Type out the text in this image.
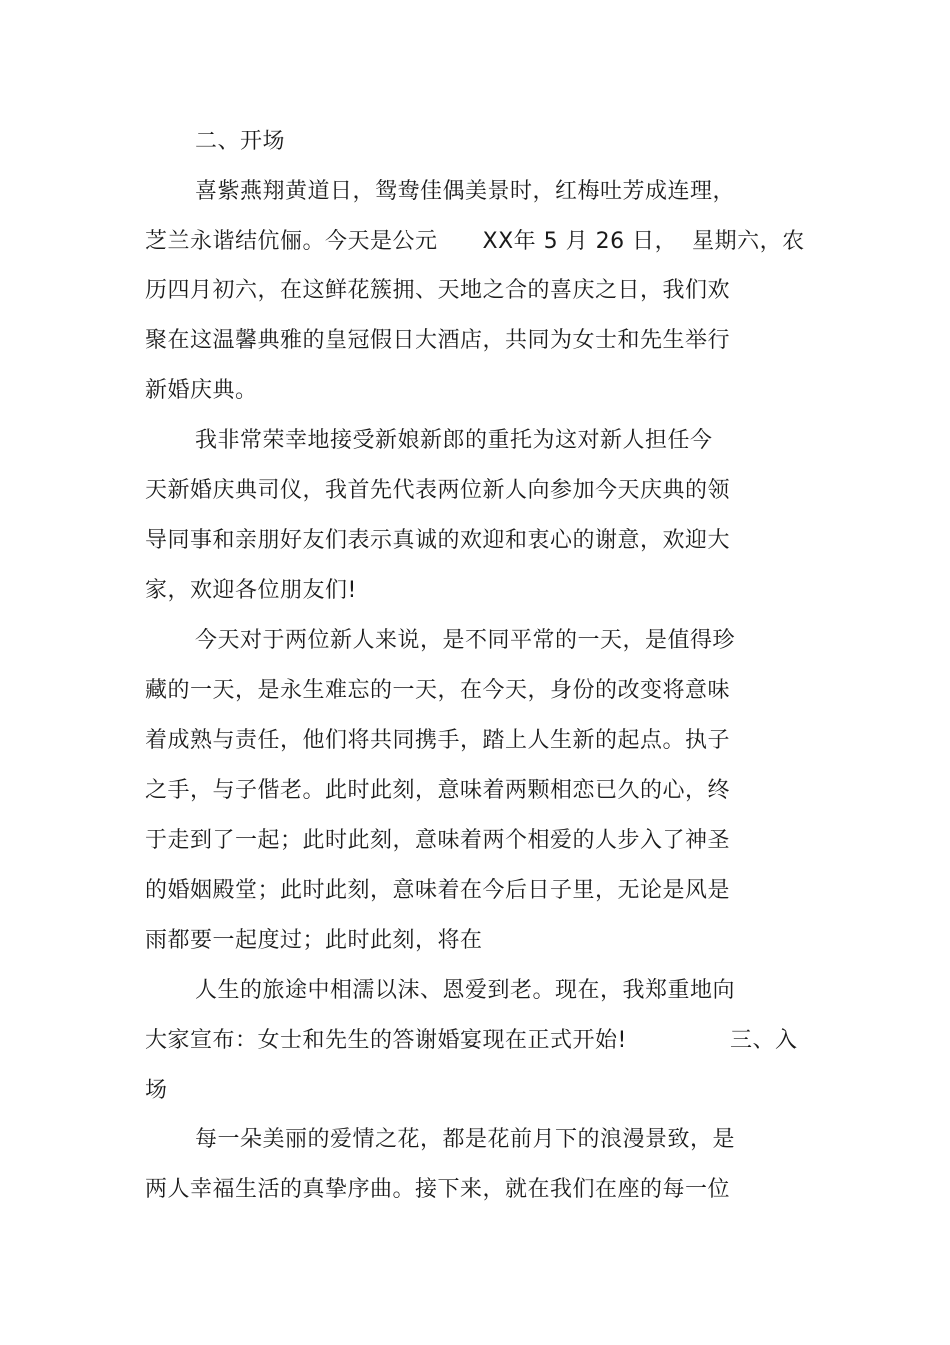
二、开场

喜紫燕翔黄道日，鸳鸯佳偶美景时，红梅吐芳成连理，

芝兰永谐结伉俪。今天是公元　　XX年 5 月 26 日，  星期六，农

历四月初六，在这鲜花簇拥、天地之合的喜庆之日，我们欢

聚在这温馨典雅的皇冠假日大酒店，共同为女士和先生举行

新婚庆典。

我非常荣幸地接受新娘新郎的重托为这对新人担任今

天新婚庆典司仪，我首先代表两位新人向参加今天庆典的领

导同事和亲朋好友们表示真诚的欢迎和衷心的谢意，欢迎大

家，欢迎各位朋友们!

今天对于两位新人来说，是不同平常的一天，是值得珍

藏的一天，是永生难忘的一天，在今天，身份的改变将意味

着成熟与责任，他们将共同携手，踏上人生新的起点。执子

之手，与子偕老。此时此刻，意味着两颗相恋已久的心，终

于走到了一起；此时此刻，意味着两个相爱的人步入了神圣

的婚姻殿堂；此时此刻，意味着在今后日子里，无论是风是

雨都要一起度过；此时此刻，将在

人生的旅途中相濡以沫、恩爱到老。现在，我郑重地向

大家宣布：女士和先生的答谢婚宴现在正式开始!	三、入

场

每一朵美丽的爱情之花，都是花前月下的浪漫景致，是

两人幸福生活的真挚序曲。接下来，就在我们在座的每一位
